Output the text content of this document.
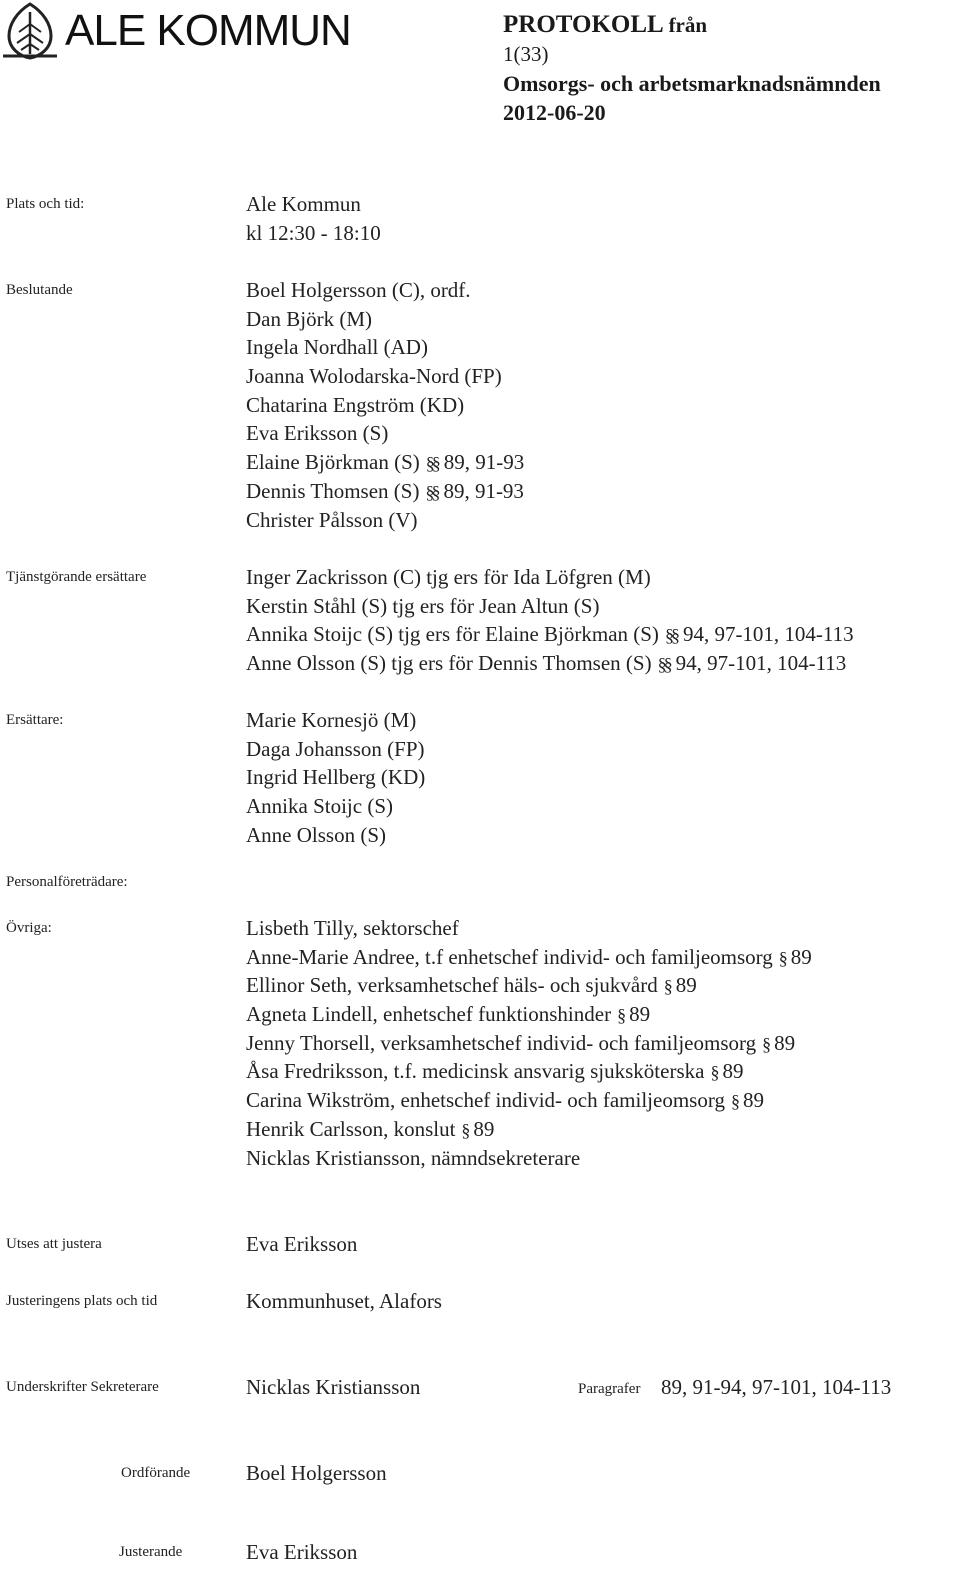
ALE KOMMUN	PROTOKOLL från
1(33)
Omsorgs- och arbetsmarknadsnämnden
2012-06-20
Plats och tid:	Ale Kommun
kl 12:30 - 18:10
Beslutande	Boel Holgersson (C), ordf.
Dan Björk (M)
Ingela Nordhall (AD)
Joanna Wolodarska-Nord (FP)
Chatarina Engström (KD)
Eva Eriksson (S)
Elaine Björkman (S) §§ 89, 91-93
Dennis Thomsen (S) §§ 89, 91-93
Christer Pålsson (V)
Tjänstgörande ersättare	Inger Zackrisson (C) tjg ers för Ida Löfgren (M)
Kerstin Ståhl (S) tjg ers för Jean Altun (S)
Annika Stoijc (S) tjg ers för Elaine Björkman (S) §§ 94, 97-101, 104-113
Anne Olsson (S) tjg ers för Dennis Thomsen (S) §§ 94, 97-101, 104-113
Ersättare:	Marie Kornesjö (M)
Daga Johansson (FP)
Ingrid Hellberg (KD)
Annika Stoijc (S)
Anne Olsson (S)
Personalföreträdare:
Övriga:	Lisbeth Tilly, sektorschef
Anne-Marie Andree, t.f enhetschef individ- och familjeomsorg § 89
Ellinor Seth, verksamhetschef häls- och sjukvård § 89
Agneta Lindell, enhetschef funktionshinder § 89
Jenny Thorsell, verksamhetschef individ- och familjeomsorg § 89
Åsa Fredriksson, t.f. medicinsk ansvarig sjuksköterska § 89
Carina Wikström, enhetschef individ- och familjeomsorg § 89
Henrik Carlsson, konslut § 89
Nicklas Kristiansson, nämndsekreterare
Utses att justera	Eva Eriksson
Justeringens plats och tid	Kommunhuset, Alafors
Underskrifter Sekreterare	Nicklas Kristiansson	Paragrafer 89, 91-94, 97-101, 104-113
Ordförande	Boel Holgersson
Justerande	Eva Eriksson
